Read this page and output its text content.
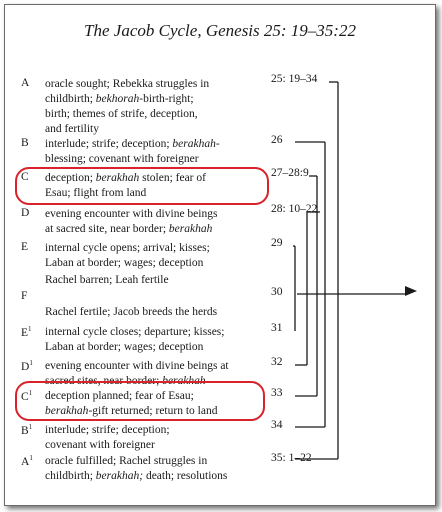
The Jacob Cycle, Genesis 25: 19–35:22
A oracle sought; Rebekka struggles in
childbirth; bekhorah-birth-right;
birth; themes of strife, deception,
and fertility
25: 19–34
B interlude; strife; deception; berakhah-
blessing; covenant with foreigner
26
C deception; berakhah stolen; fear of
Esau; flight from land
27–28:9
D evening encounter with divine beings
at sacred site, near border; berakhah
28: 10–22
E internal cycle opens; arrival; kisses;
Laban at border; wages; deception
29
Rachel barren; Leah fertile
F	30
Rachel fertile; Jacob breeds the herds
$E^1$ internal cycle closes; departure; kisses;
Laban at border; wages; deception
31
$D^1$ evening encounter with divine beings at
sacred sites, near border; berakhah
32
$C^1$ deception planned; fear of Esau;
berakhah-gift returned; return to land
33
$B^1$ interlude; strife; deception;
covenant with foreigner
34
$A^1$ oracle fulfilled; Rachel struggles in
childbirth; berakhah; death; resolutions
35: 1–22
